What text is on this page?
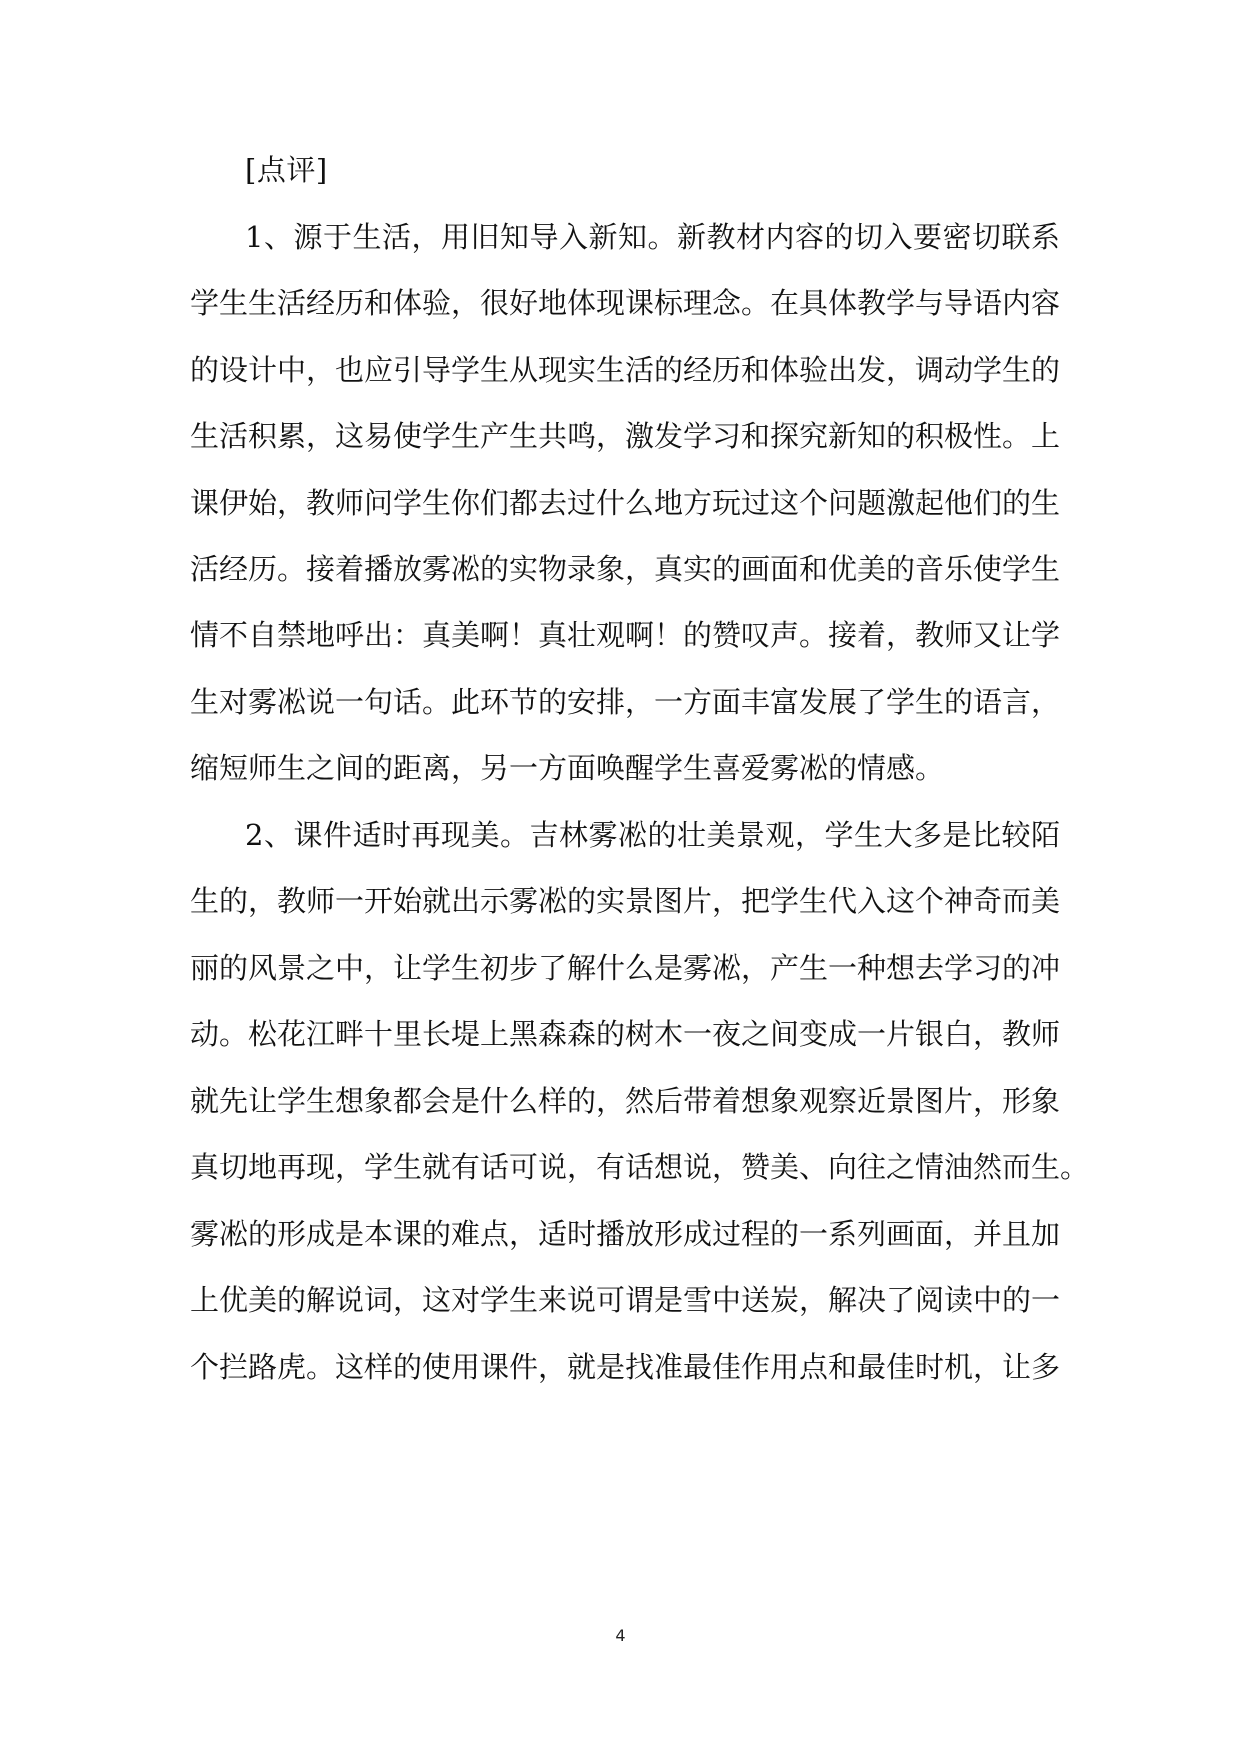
[点评]
1、源于生活，用旧知导入新知。新教材内容的切入要密切联系
学生生活经历和体验，很好地体现课标理念。在具体教学与导语内容
的设计中，也应引导学生从现实生活的经历和体验出发，调动学生的
生活积累，这易使学生产生共鸣，激发学习和探究新知的积极性。上
课伊始，教师问学生你们都去过什么地方玩过这个问题激起他们的生
活经历。接着播放雾凇的实物录象，真实的画面和优美的音乐使学生
情不自禁地呼出：真美啊！真壮观啊！的赞叹声。接着，教师又让学
生对雾凇说一句话。此环节的安排，一方面丰富发展了学生的语言，
缩短师生之间的距离，另一方面唤醒学生喜爱雾凇的情感。
2、课件适时再现美。吉林雾凇的壮美景观，学生大多是比较陌
生的，教师一开始就出示雾凇的实景图片，把学生代入这个神奇而美
丽的风景之中，让学生初步了解什么是雾凇，产生一种想去学习的冲
动。松花江畔十里长堤上黑森森的树木一夜之间变成一片银白，教师
就先让学生想象都会是什么样的，然后带着想象观察近景图片，形象
真切地再现，学生就有话可说，有话想说，赞美、向往之情油然而生。
雾凇的形成是本课的难点，适时播放形成过程的一系列画面，并且加
上优美的解说词，这对学生来说可谓是雪中送炭，解决了阅读中的一
个拦路虎。这样的使用课件，就是找准最佳作用点和最佳时机，让多
4
